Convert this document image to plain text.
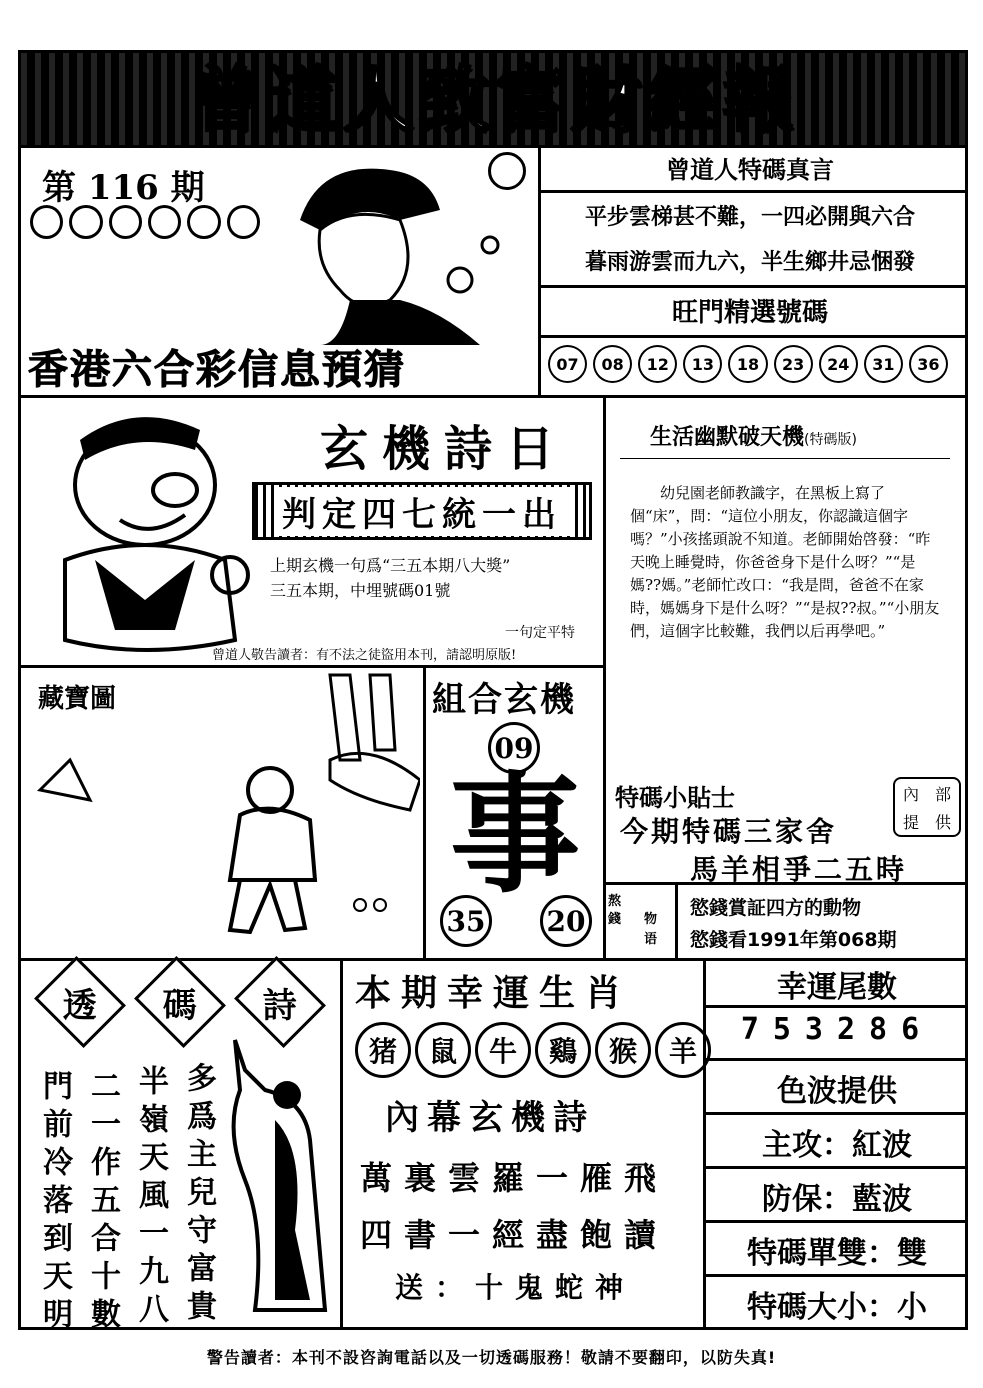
曾道人致富財經報
第 116 期
香港六合彩信息預猜
曾道人特碼真言
平步雲梯甚不難，一四必開與六合
暮雨游雲而九六，半生鄉井忌悃發
旺門精選號碼
07	08	12	13	18	23	24	31	36
玄機詩日
判定四七統一出
上期玄機一句爲“三五本期八大獎”
三五本期，中埋號碼01號
一句定平特
曾道人敬告讀者：有不法之徒盜用本刊，請認明原版!
生活幽默破天機(特碼版)
幼兒園老師教識字，在黑板上寫了個“床”，問：“這位小朋友，你認識這個字嗎？”小孩搖頭說不知道。老師開始啓發：“昨天晚上睡覺時，你爸爸身下是什么呀？”“是媽??媽。”老師忙改口：“我是問，爸爸不在家時，媽媽身下是什么呀？”“是叔??叔。”“小朋友們，這個字比較難，我們以后再學吧。”
藏寶圖	組合玄機
09
事
35 20
特碼小貼士
今期特碼三家舍
馬羊相爭二五時
內 部
提 供
熬
錢 物
语
慾錢賞証四方的動物
慾錢看1991年第068期
透 碼 詩
門前冷落到天明 二一作五合十數 半嶺天風一九八 多爲主兒守富貴
本期幸運生肖
猪	鼠	牛	鷄	猴	羊
內幕玄機詩
萬裏雲羅一雁飛
四書一經盡飽讀
送：十鬼蛇神
幸運尾數
753286
色波提供
主攻：紅波
防保：藍波
特碼單雙：雙
特碼大小：小
警告讀者：本刊不設咨詢電話以及一切透碼服務！敬請不要翻印，以防失真!
